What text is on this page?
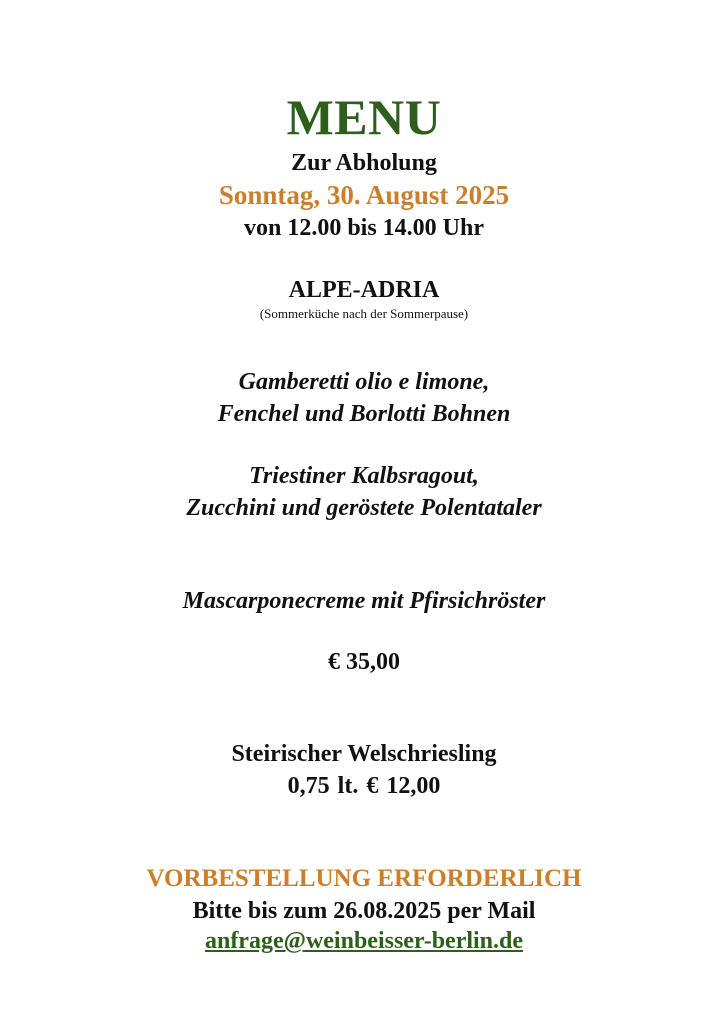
MENU

Zur Abholung

Sonntag, 30. August 2025

von 12.00 bis 14.00 Uhr

ALPE-ADRIA

(Sommerküche nach der Sommerpause)

Gamberetti olio e limone,

Fenchel und Borlotti Bohnen

Triestiner Kalbsragout,

Zucchini und geröstete Polentataler

Mascarponecreme mit Pfirsichröster

€ 35,00

Steirischer Welschriesling

0,75 lt. € 12,00

VORBESTELLUNG ERFORDERLICH

Bitte bis zum 26.08.2025 per Mail

anfrage@weinbeisser-berlin.de
